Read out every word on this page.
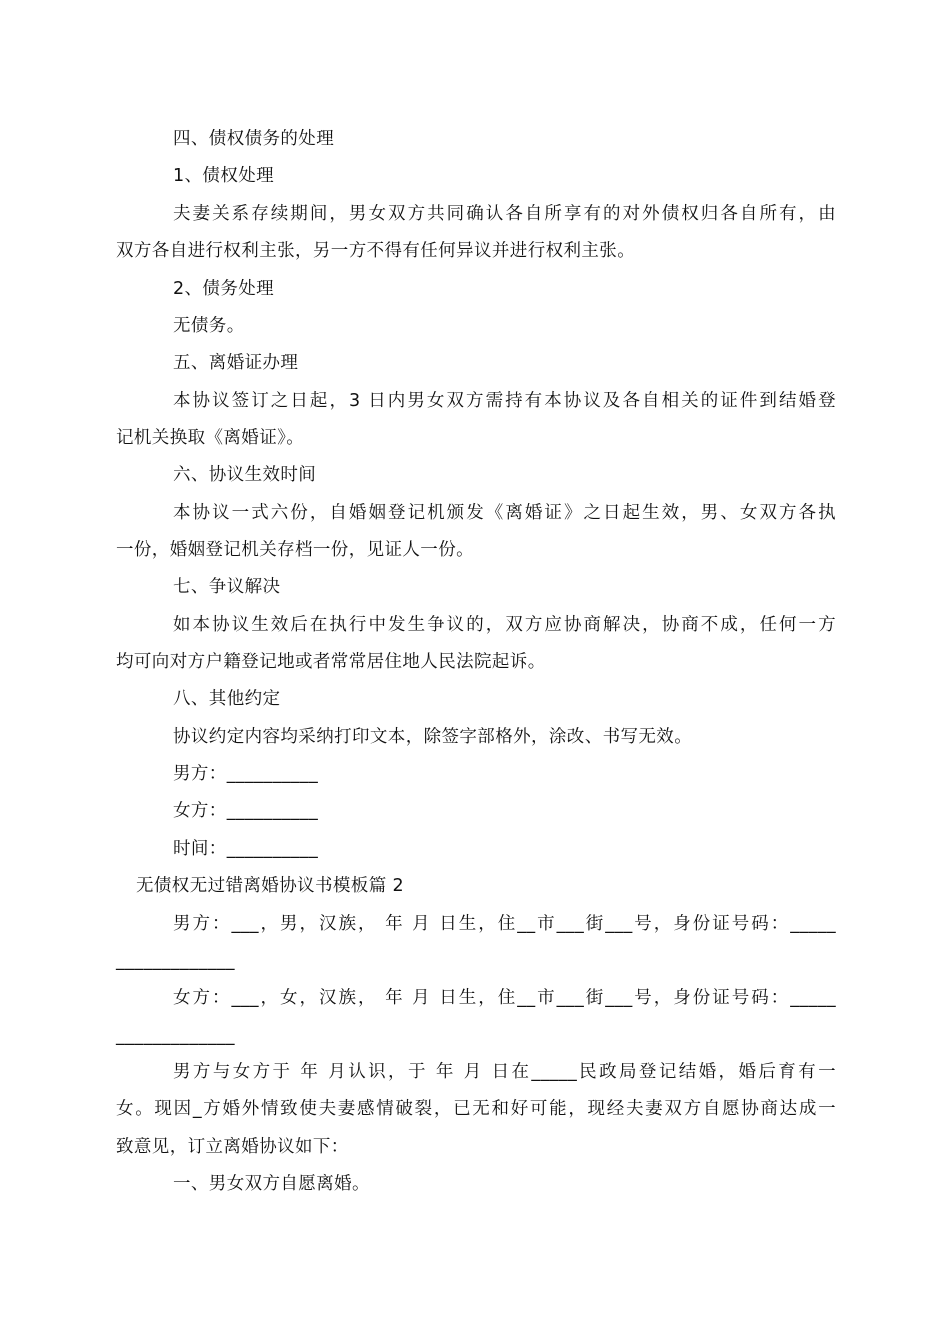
四、债权债务的处理
1、债权处理
夫妻关系存续期间，男女双方共同确认各自所享有的对外债权归各自所有，由
双方各自进行权利主张，另一方不得有任何异议并进行权利主张。
2、债务处理
无债务。
五、离婚证办理
本协议签订之日起，3 日内男女双方需持有本协议及各自相关的证件到结婚登
记机关换取《离婚证》。
六、协议生效时间
本协议一式六份，自婚姻登记机颁发《离婚证》之日起生效，男、女双方各执
一份，婚姻登记机关存档一份，见证人一份。
七、争议解决
如本协议生效后在执行中发生争议的，双方应协商解决，协商不成，任何一方
均可向对方户籍登记地或者常常居住地人民法院起诉。
八、其他约定
协议约定内容均采纳打印文本，除签字部格外，涂改、书写无效。
男方：__________
女方：__________
时间：__________
无债权无过错离婚协议书模板篇 2
男方：___，男，汉族， 年 月 日生，住__市___街___号，身份证号码：_____
_____________
女方：___，女，汉族， 年 月 日生，住__市___街___号，身份证号码：_____
_____________
男方与女方于 年 月认识，于 年 月 日在_____民政局登记结婚，婚后育有一
女。现因_方婚外情致使夫妻感情破裂，已无和好可能，现经夫妻双方自愿协商达成一
致意见，订立离婚协议如下：
一、男女双方自愿离婚。
